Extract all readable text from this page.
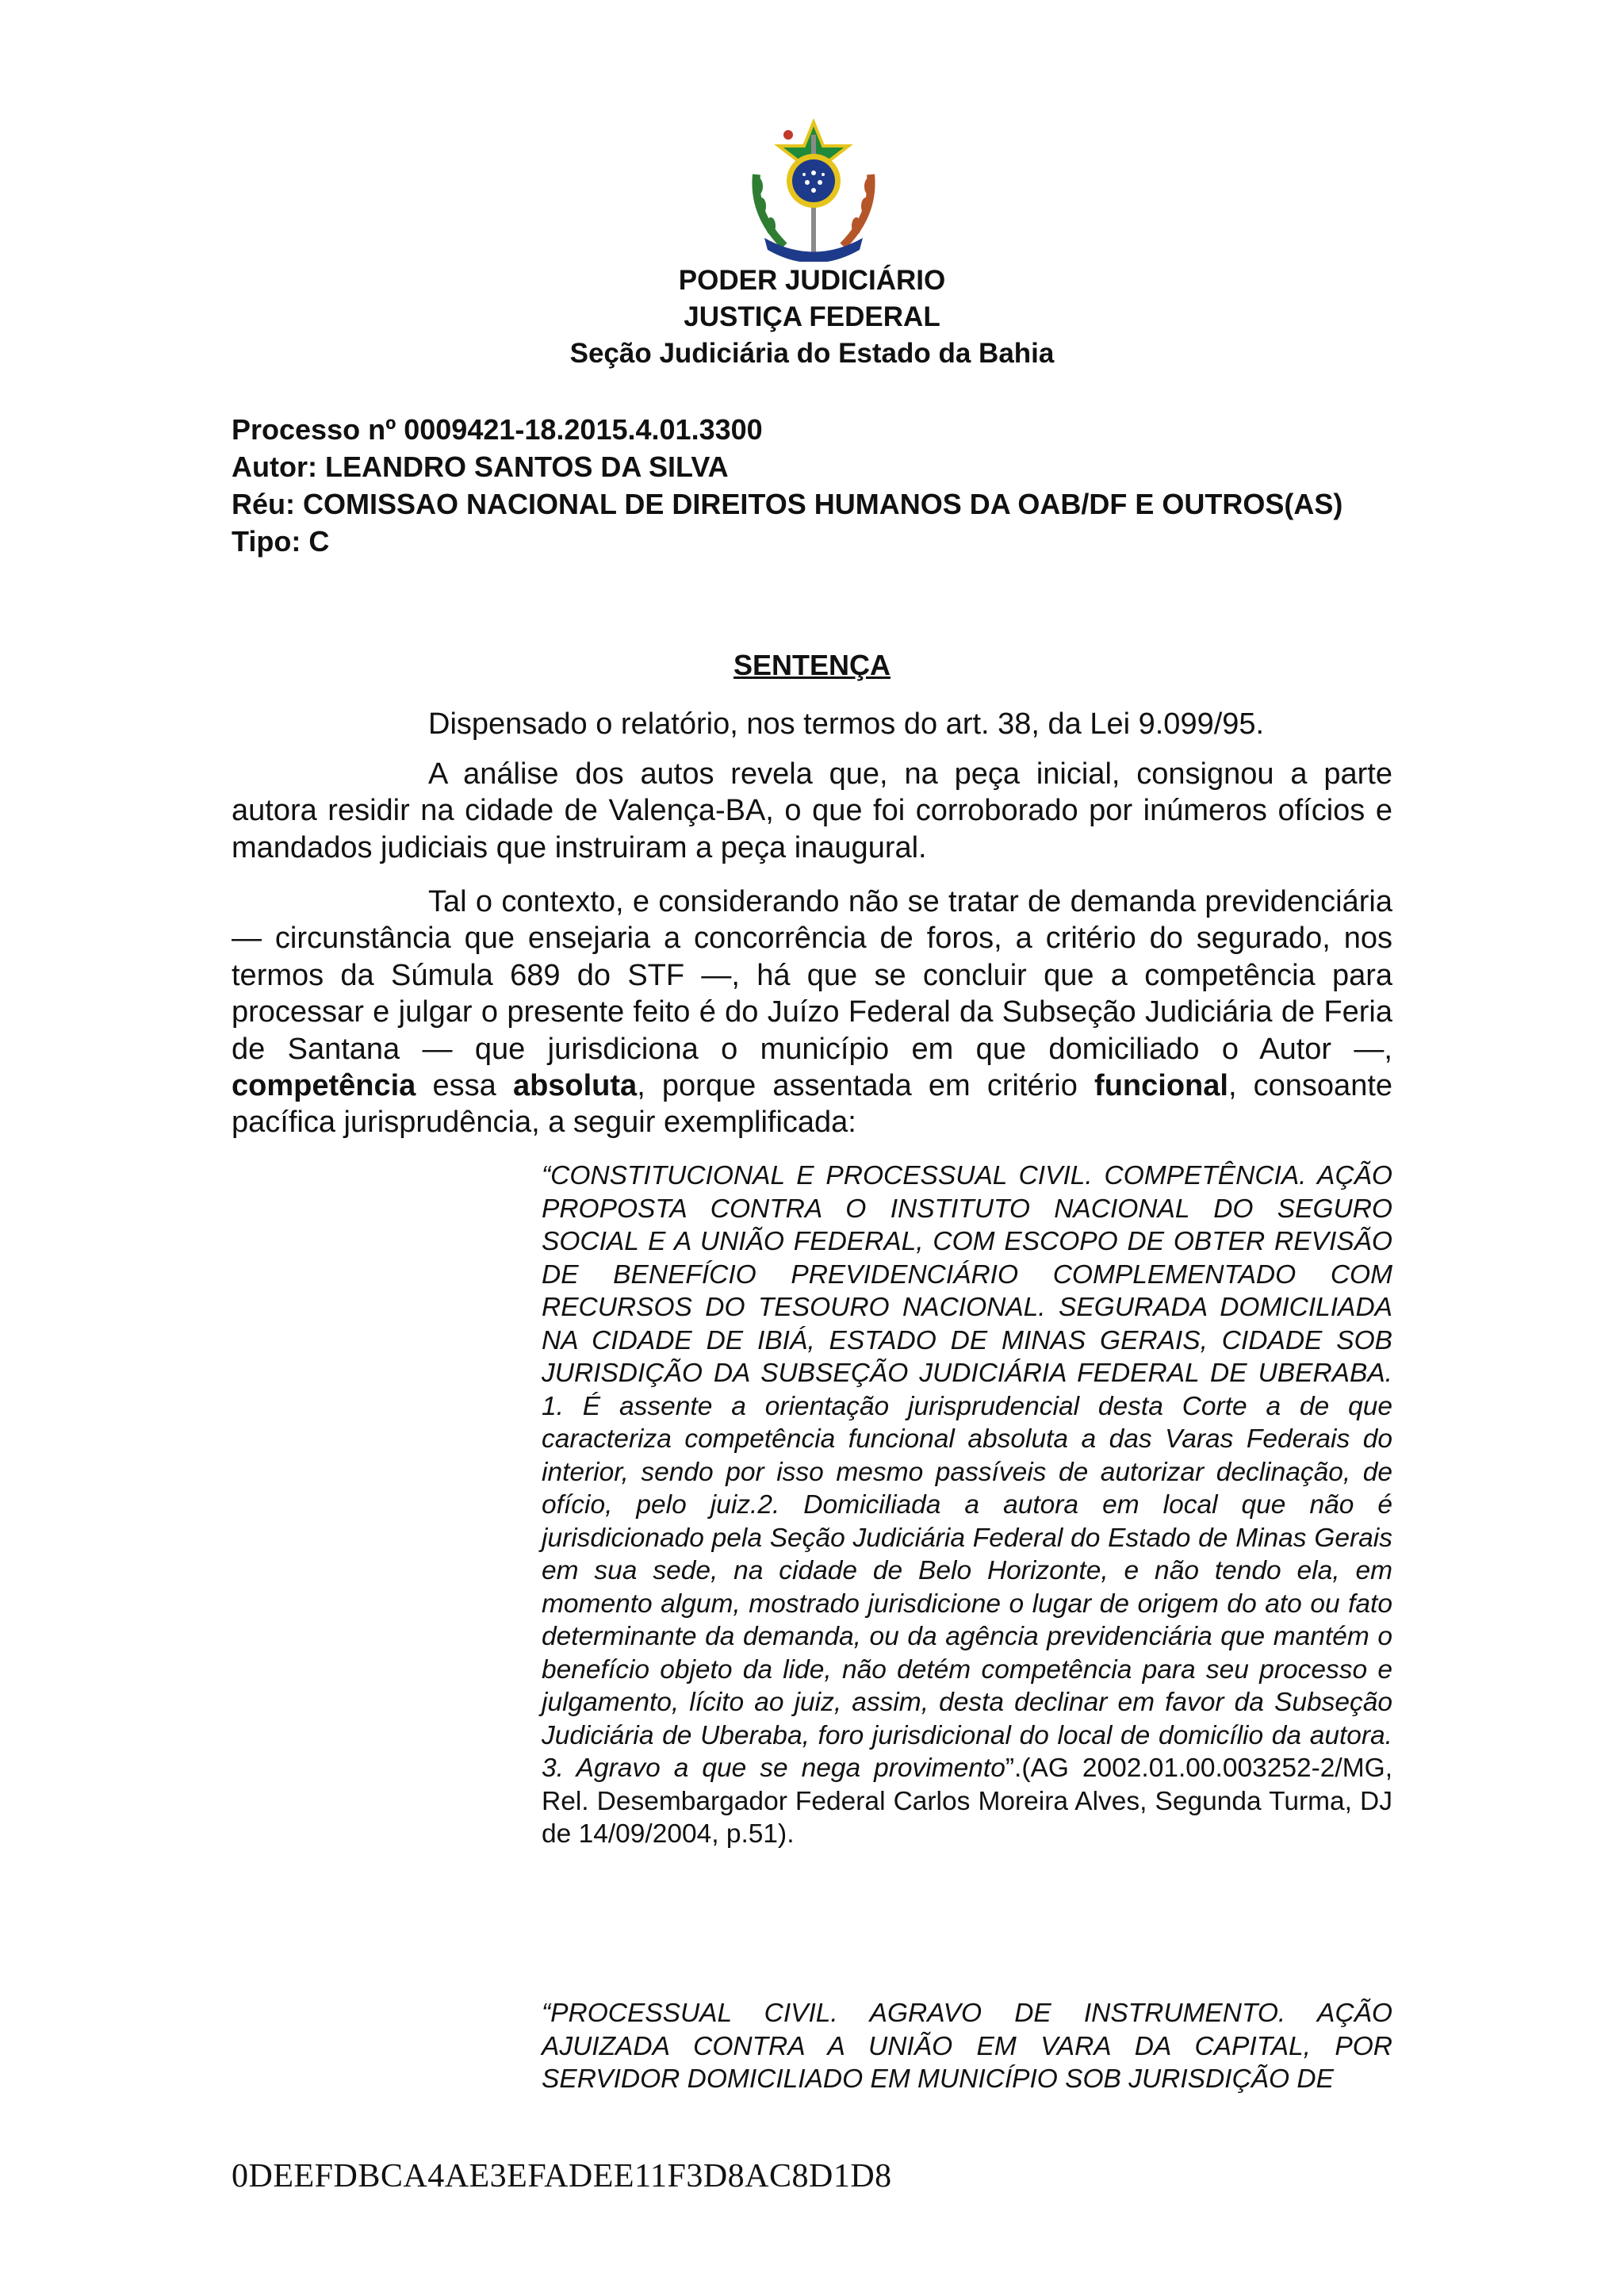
PODER JUDICIÁRIO
JUSTIÇA FEDERAL
Seção Judiciária do Estado da Bahia
Processo nº 0009421-18.2015.4.01.3300
Autor: LEANDRO SANTOS DA SILVA
Réu: COMISSAO NACIONAL DE DIREITOS HUMANOS DA OAB/DF E OUTROS(AS)
Tipo: C
SENTENÇA

Dispensado o relatório, nos termos do art. 38, da Lei 9.099/95.

A análise dos autos revela que, na peça inicial, consignou a parte autora residir na cidade de Valença-BA, o que foi corroborado por inúmeros ofícios e mandados judiciais que instruiram a peça inaugural.

Tal o contexto, e considerando não se tratar de demanda previdenciária — circunstância que ensejaria a concorrência de foros, a critério do segurado, nos termos da Súmula 689 do STF —, há que se concluir que a competência para processar e julgar o presente feito é do Juízo Federal da Subseção Judiciária de Feria de Santana — que jurisdiciona o município em que domiciliado o Autor —, competência essa absoluta, porque assentada em critério funcional, consoante pacífica jurisprudência, a seguir exemplificada:

“CONSTITUCIONAL E PROCESSUAL CIVIL. COMPETÊNCIA. AÇÃO PROPOSTA CONTRA O INSTITUTO NACIONAL DO SEGURO SOCIAL E A UNIÃO FEDERAL, COM ESCOPO DE OBTER REVISÃO DE BENEFÍCIO PREVIDENCIÁRIO COMPLEMENTADO COM RECURSOS DO TESOURO NACIONAL. SEGURADA DOMICILIADA NA CIDADE DE IBIÁ, ESTADO DE MINAS GERAIS, CIDADE SOB JURISDIÇÃO DA SUBSEÇÃO JUDICIÁRIA FEDERAL DE UBERABA. 1. É assente a orientação jurisprudencial desta Corte a de que caracteriza competência funcional absoluta a das Varas Federais do interior, sendo por isso mesmo passíveis de autorizar declinação, de ofício, pelo juiz.2. Domiciliada a autora em local que não é jurisdicionado pela Seção Judiciária Federal do Estado de Minas Gerais em sua sede, na cidade de Belo Horizonte, e não tendo ela, em momento algum, mostrado jurisdicione o lugar de origem do ato ou fato determinante da demanda, ou da agência previdenciária que mantém o benefício objeto da lide, não detém competência para seu processo e julgamento, lícito ao juiz, assim, desta declinar em favor da Subseção Judiciária de Uberaba, foro jurisdicional do local de domicílio da autora. 3. Agravo a que se nega provimento”.(AG 2002.01.00.003252-2/MG, Rel. Desembargador Federal Carlos Moreira Alves, Segunda Turma, DJ de 14/09/2004, p.51).

“PROCESSUAL CIVIL. AGRAVO DE INSTRUMENTO. AÇÃO AJUIZADA CONTRA A UNIÃO EM VARA DA CAPITAL, POR SERVIDOR DOMICILIADO EM MUNICÍPIO SOB JURISDIÇÃO DE

0DEEFDBCA4AE3EFADEE11F3D8AC8D1D8
